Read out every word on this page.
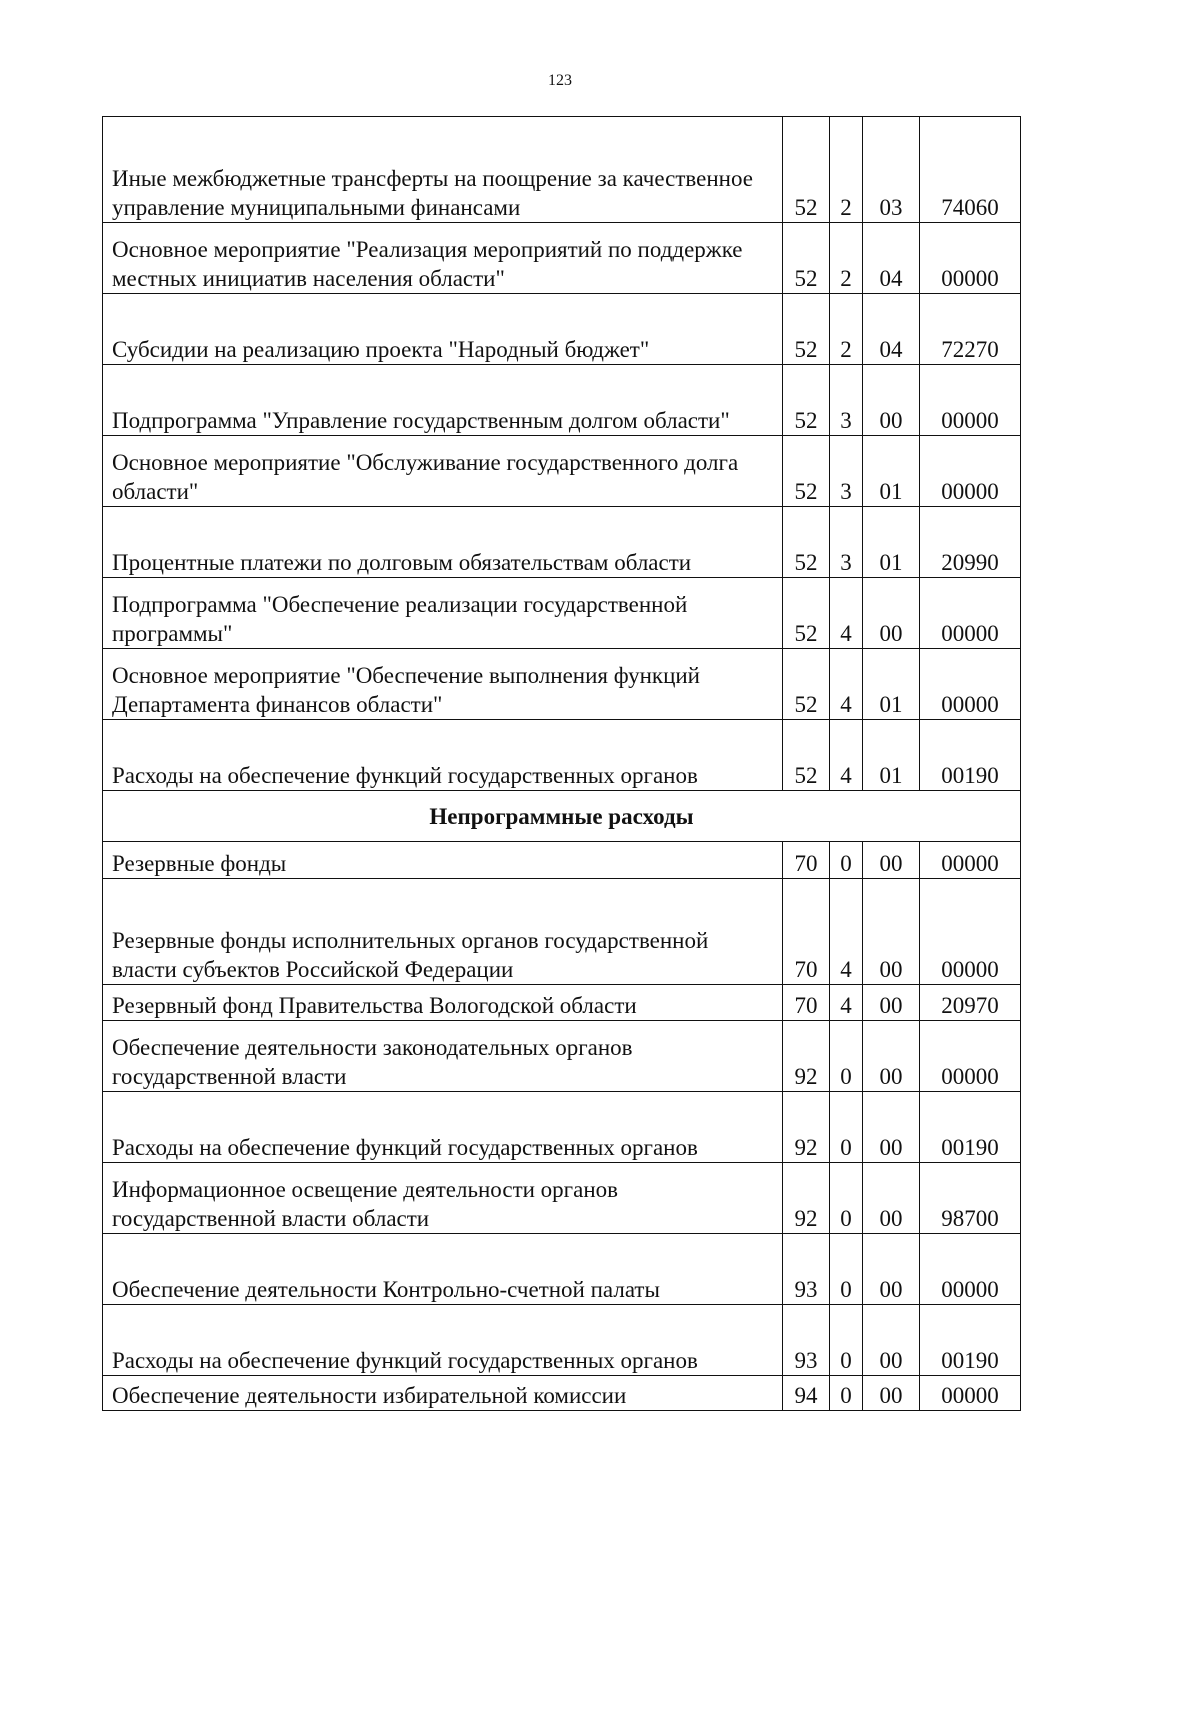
123
Иные межбюджетные трансферты на поощрение за качественное управление муниципальными финансами	52	2	03	74060
Основное мероприятие "Реализация мероприятий по поддержке местных инициатив населения области"	52	2	04	00000
Субсидии на реализацию проекта "Народный бюджет"	52	2	04	72270
Подпрограмма "Управление государственным долгом области"	52	3	00	00000
Основное мероприятие "Обслуживание государственного долга области"	52	3	01	00000
Процентные платежи по долговым обязательствам области	52	3	01	20990
Подпрограмма "Обеспечение реализации государственной программы"	52	4	00	00000
Основное мероприятие "Обеспечение выполнения функций Департамента финансов области"	52	4	01	00000
Расходы на обеспечение функций государственных органов	52	4	01	00190
Непрограммные расходы				
Резервные фонды	70	0	00	00000
Резервные фонды исполнительных органов государственной власти субъектов Российской Федерации	70	4	00	00000
Резервный фонд Правительства Вологодской области	70	4	00	20970
Обеспечение деятельности законодательных органов государственной власти	92	0	00	00000
Расходы на обеспечение функций государственных органов	92	0	00	00190
Информационное освещение деятельности органов государственной власти области	92	0	00	98700
Обеспечение деятельности Контрольно-счетной палаты	93	0	00	00000
Расходы на обеспечение функций государственных органов	93	0	00	00190
Обеспечение деятельности избирательной комиссии	94	0	00	00000
